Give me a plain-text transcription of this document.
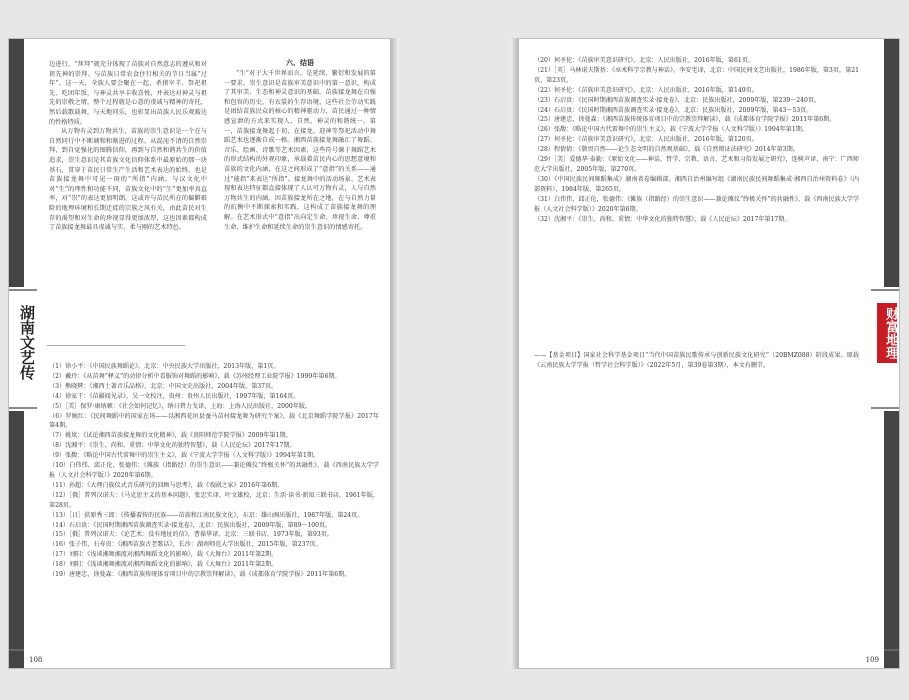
湖南文艺传

边进行，“拜拜”就充分体现了苗族对自然意志的遵从和对祖先神的崇拜。与苗族日常农食住行相关的节日当属“过年”，这一天，全族人要会聚在一起，杀猪宰羊、祭祀祖先、吃团年饭，与神灵共享丰收喜悦，并表达对神灵与祖先的崇敬之情，整个过程就是心意的虔诚与精神的寄托，然后载歌载舞，与天地同乐，也彰显出苗族人民乐观豁达的性格特质。

从万物有灵到万物共生，苗族的崇生意识是一个在与自然同行中不断调和和渐进的过程。从混沌不清的自然崇拜，到自觉强化的图腾信仰，再到与自然和谐共生的价值追求，崇生意识是其苗族文化信仰体系中最原始的那一块基石，贯穿于苗民日常生产生活和艺术表达的始终，也是苗族接龙舞中可见一斑的“所指”内涵。与汉文化中对“生”的理性和功能不同，苗族文化中的“生”更加率真直率，对“崇”的表达更加明朗，这或许与苗民所在的偏僻艰险的地理环境和长期迁徙的宗族之风有关，由此苗民对生存的渴望和对生命的珍视显得更加浓厚，这也因素都构成了苗族接龙舞最具虔诚与实、柔与刚的艺术特色。

六、结语

“生”对于大千世界而言，是延续、繁衍和发展的第一要求，崇生意识是苗族审美意识中的第一意识，构成了其审美、生态和神灵意识的基础。苗族接龙舞在自强和包容的历史、有衣裳的生存语境，这些社会劳动实践是团结苗族民众的核心的精神驱动力，苗民通过一种情感宣泄的方式来实现人、自然、神灵的和谐统一。第一，苗族接龙舞起于初，在接龙、迎神等祭祀活动中舞蹈艺术也逐渐自成一格。湘西苗族接龙舞融汇了舞蹈、音乐、绘画、诗歌等艺术因素，这些符号源于舞蹈艺术的形式结构的外观印象，承载着苗民内心的思想意境和苗族的文化内涵，在这之间形成了“意指”的关系——通过“能指”来表达“所指”。接龙舞中的活动场景、艺术表现和表达特征都直接体现了人认可万物有灵，人与自然万物共生的内涵。因苗族接龙所在之地，在与自然力量的抗衡中不断探索和实践，这构成了苗族接龙舞的理解。在艺术形式中“意指”出向定生命、珍视生命、尊重生命、维护生命和延续生命的崇生意识的情感寄托。

（1）徐小平：《中国民族舞蹈论》，北京：中央民族大学出版社，2013年版，第1页。

（2）戴玲：《从苗舞“释义”的动律分析中看服饰对舞蹈的影响》，载《苏州经理工业院学报》1999年第6期。

（3）熊晓辉：《湘西土著音乐品格》，北京：中国文史出版社，2004年版，第37页。

（4）徐家干：《苗疆闻见录》，吴一文校注，贵州：贵州人民出版社，1997年版，第164页。

（5）［美］保罗·康纳顿：《社会如何记忆》，纳日碧力戈译，上海：上海人民出版社，2000年版。

（6）罗婉红：《民间舞蹈中的国家在场——以湘西花垣县蚕马苗村接龙舞为研究个案》，载《北京舞蹈学院学报》2017年第4期。

（7）姚岚：《试论湘西苗族接龙舞的文化精神》，载《贵阳师范学院学报》2009年第1期。

（8）沈湘平：《崇生、尚和、重情：中华文化的独特智慧》，载《人民论坛》2017年17期。

（9）张馥：《略论中国古代雷舞中的崇生主义》，载《宁波大学学报（人文科学版）》1994年第1期。

（10）白伟伟，邱正伦，张德伟：《傩族（指路经）的崇生意识——兼论傩仪“终极关怀”的共融性》，载《西南民族大学学报（人文社会科学版）》2020年第6期。

（11）孙超：《大理白族仪式音乐研究的回顾与思考》，载《戏剧之家》2016年第6期。

（12）［俄］普列汉诺夫：《马克思主义的基本问题》，张忠实译，叶文雄校，北京：生活·读书·新知三联书店，1961年版，第28页。

（13）［日］获原秀三郎：《传播着传的民族——苗族和江南民族文化》，东京：雄山阁出版社，1987年版，第24页。

（14）石启贵：《民国时期湘西苗族调查实录·接龙卷》，北京：民族出版社，2009年版，第89～100页。

（15）［俄］普列汉诺夫：《论艺术：没有地址的信》，曹葆华译，北京：三联书店，1973年版，第93页。

（16）张子伟，石寿贵：《湘西苗族古老歌话》，长沙：湖南师范大学出版社，2015年版，第237页。

（17）刘阳：《浅谈湘舞湘流对湘西舞蹈文化的影响》，载《大舞台》2011年第2期。

（18）刘阳：《浅谈湘舞湘流对湘西舞蹈文化的影响》，载《大舞台》2011年第2期。

（19）唐建忠，徐曼森：《湘西苗族传统体育项目中的宗教崇拜解读》，载《成都体育学院学报》2011年第6期。

108
财富地理

（20）何圣伦：《苗族审美意识研究》，北京：人民出版社，2016年版，第61页。

（21）［英］马林诺夫斯基：《巫术科学宗教与神话》，李安宅译，北京：中国民间文艺出版社，1986年版，第3页，第21页，第23页。

（22）何圣伦：《苗族审美意识研究》，北京：人民出版社，2016年版，第149页。

（23）石启贵：《民国时期湘西苗族调查实录·接龙卷》，北京：民族出版社，2009年版，第239～240页。

（24）石启贵：《民国时期湘西苗族调查实录·接龙卷》，北京：民族出版社，2009年版，第43～53页。

（25）唐建忠，徐曼森：《湘西苗族传统体育项目中的宗教崇拜解读》，载《成都体育学院学报》2011年第6期。

（26）张馥：《略论中国古代雷舞中的崇生主义》，载《宁波大学学报（人文科学版）》1994年第1期。

（27）何圣伦：《苗族审美意识研究》，北京：人民出版社，2016年版，第120页。

（28）程倩倩：《敬畏自然——论生态文明的自然观基础》，载《自然辩证法研究》2014年第3期。

（29）［美］爱德华·泰勒：《原始文化——神话、哲学、宗教、语言、艺术和习俗发展之研究》，连树声译，南宁：广西师范大学出版社，2005年版，第270页。

（30）《中国民族民间舞蹈集成》湖南省卷编辑部、湘西自治州编写组《湖南民族民间舞蹈集成·湘西自治州资料卷》（内部资料），1984年版，第265页。

（31）白伟伟，邱正伦，张德伟：《傩族（指路经）的崇生意识——兼论傩仪“终极关怀”的共融性》，载《西南民族大学学报（人文社会科学版）》2020年第6期。

（32）沈湘平：《崇生、尚和、重情：中华文化的独特智慧》，载《人民论坛》2017年第17期。

——【基金项目】国家社会科学基金项目“当代中国苗族民歌传承与创新民族文化研究”（20BMZ088）阶段成果。原载《云南民族大学学报（哲学社会科学版）》（2022年5月，第39卷第3期），本文有删节。

109
